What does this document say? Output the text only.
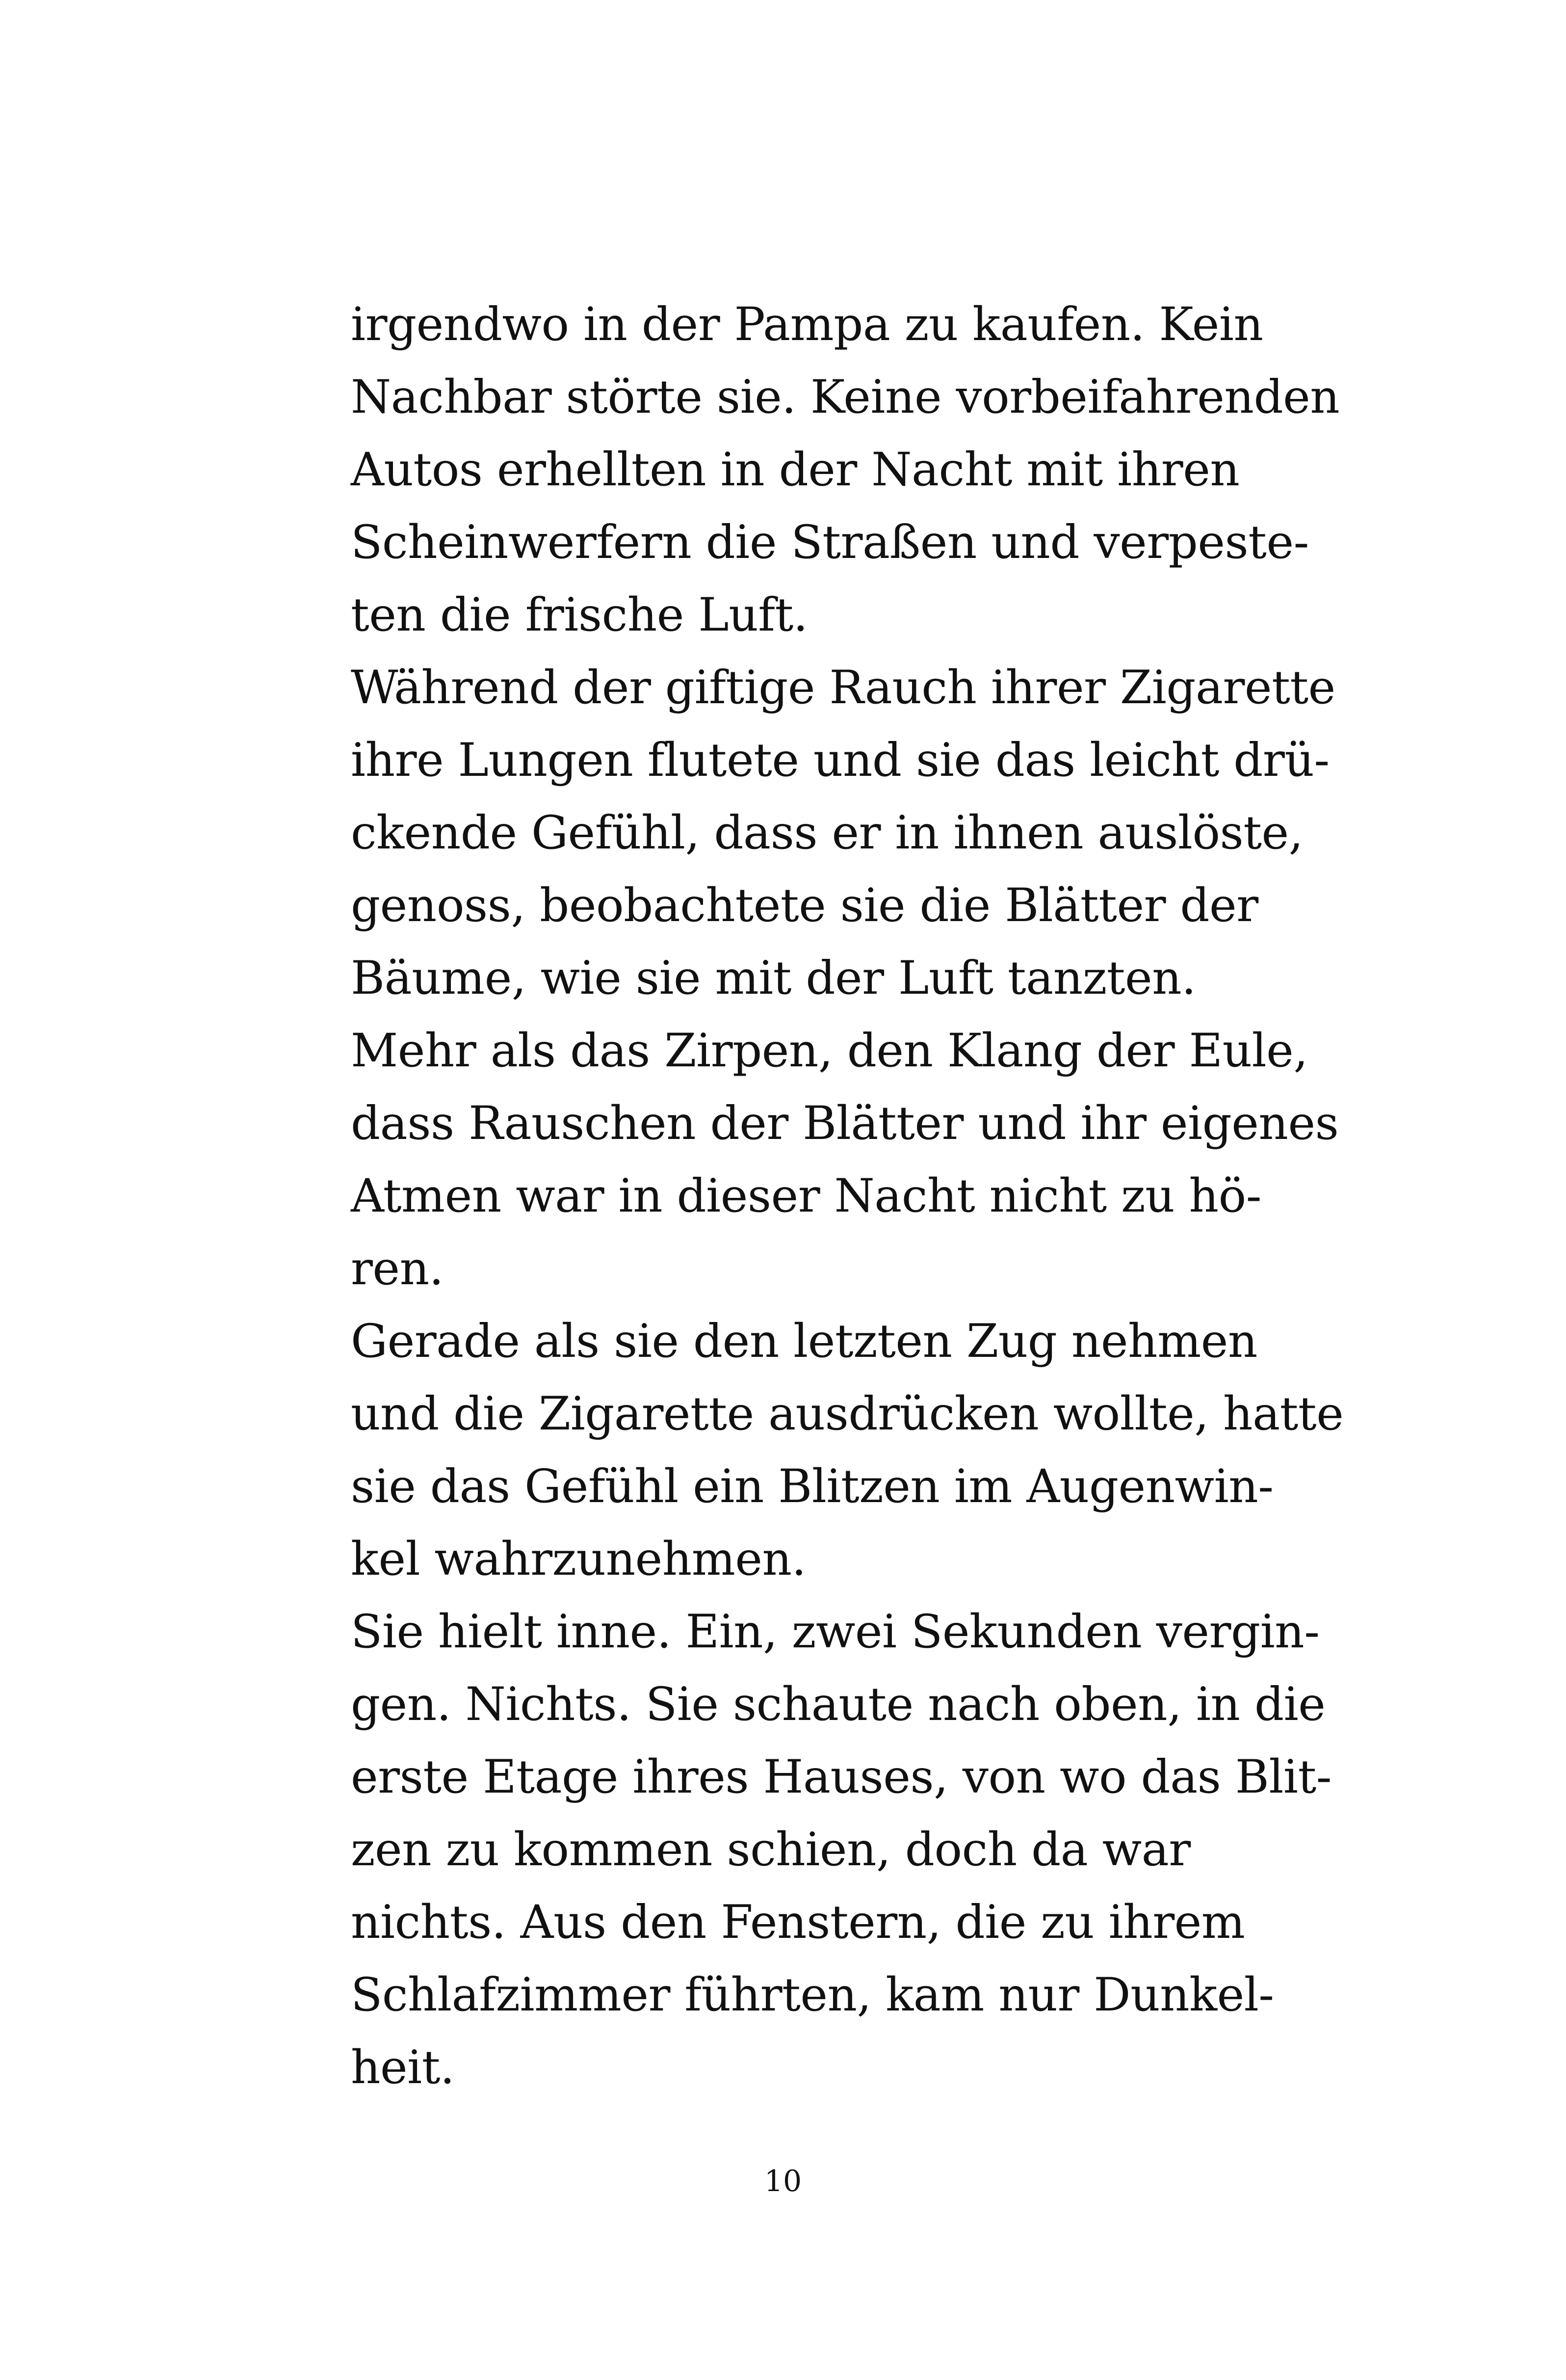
irgendwo in der Pampa zu kaufen. Kein
Nachbar störte sie. Keine vorbeifahrenden
Autos erhellten in der Nacht mit ihren
Scheinwerfern die Straßen und verpeste-
ten die frische Luft.
Während der giftige Rauch ihrer Zigarette
ihre Lungen flutete und sie das leicht drü-
ckende Gefühl, dass er in ihnen auslöste,
genoss, beobachtete sie die Blätter der
Bäume, wie sie mit der Luft tanzten.
Mehr als das Zirpen, den Klang der Eule,
dass Rauschen der Blätter und ihr eigenes
Atmen war in dieser Nacht nicht zu hö-
ren.
Gerade als sie den letzten Zug nehmen
und die Zigarette ausdrücken wollte, hatte
sie das Gefühl ein Blitzen im Augenwin-
kel wahrzunehmen.
Sie hielt inne. Ein, zwei Sekunden vergin-
gen. Nichts. Sie schaute nach oben, in die
erste Etage ihres Hauses, von wo das Blit-
zen zu kommen schien, doch da war
nichts. Aus den Fenstern, die zu ihrem
Schlafzimmer führten, kam nur Dunkel-
heit.
10
